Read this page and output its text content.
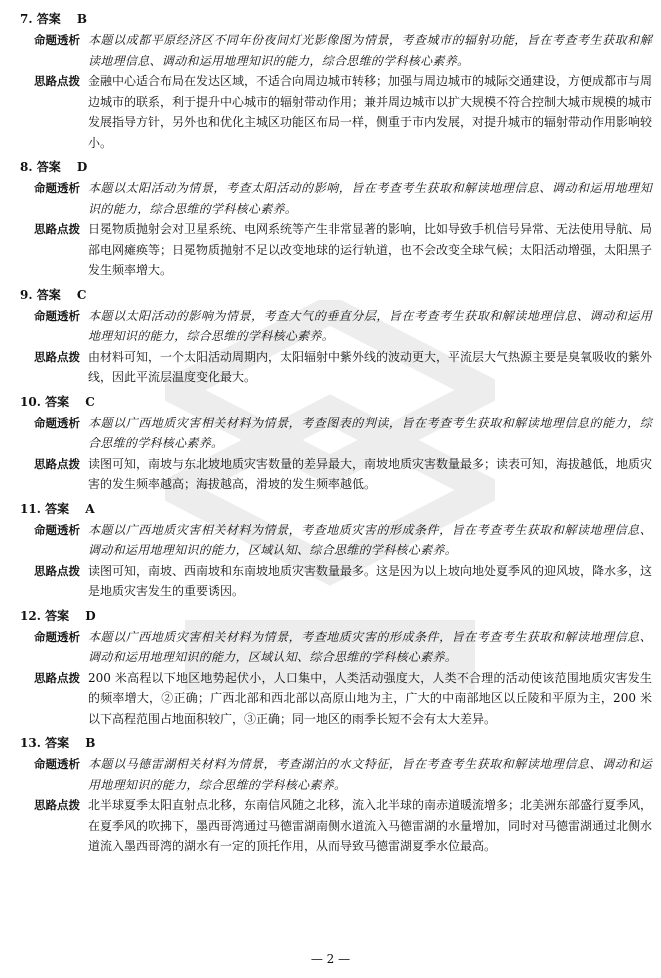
7. 答案 B
命题透析 本题以成都平原经济区不同年份夜间灯光影像图为情景，考查城市的辐射功能，旨在考查考生获取和解读地理信息、调动和运用地理知识的能力，综合思维的学科核心素养。
思路点拨 金融中心适合布局在发达区域，不适合向周边城市转移；加强与周边城市的城际交通建设，方便成都市与周边城市的联系，利于提升中心城市的辐射带动作用；兼并周边城市以扩大规模不符合控制大城市规模的城市发展指导方针，另外也和优化主城区功能区布局一样，侧重于市内发展，对提升城市的辐射带动作用影响较小。
8. 答案 D
命题透析 本题以太阳活动为情景，考查太阳活动的影响，旨在考查考生获取和解读地理信息、调动和运用地理知识的能力，综合思维的学科核心素养。
思路点拨 日冕物质抛射会对卫星系统、电网系统等产生非常显著的影响，比如导致手机信号异常、无法使用导航、局部电网瘫痪等；日冕物质抛射不足以改变地球的运行轨道，也不会改变全球气候；太阳活动增强，太阳黑子发生频率增大。
9. 答案 C
命题透析 本题以太阳活动的影响为情景，考查大气的垂直分层，旨在考查考生获取和解读地理信息、调动和运用地理知识的能力，综合思维的学科核心素养。
思路点拨 由材料可知，一个太阳活动周期内，太阳辐射中紫外线的波动更大，平流层大气热源主要是臭氧吸收的紫外线，因此平流层温度变化最大。
10. 答案 C
命题透析 本题以广西地质灾害相关材料为情景，考查图表的判读，旨在考查考生获取和解读地理信息的能力，综合思维的学科核心素养。
思路点拨 读图可知，南坡与东北坡地质灾害数量的差异最大，南坡地质灾害数量最多；读表可知，海拔越低，地质灾害的发生频率越高；海拔越高，滑坡的发生频率越低。
11. 答案 A
命题透析 本题以广西地质灾害相关材料为情景，考查地质灾害的形成条件，旨在考查考生获取和解读地理信息、调动和运用地理知识的能力，区域认知、综合思维的学科核心素养。
思路点拨 读图可知，南坡、西南坡和东南坡地质灾害数量最多。这是因为以上坡向地处夏季风的迎风坡，降水多，这是地质灾害发生的重要诱因。
12. 答案 D
命题透析 本题以广西地质灾害相关材料为情景，考查地质灾害的形成条件，旨在考查考生获取和解读地理信息、调动和运用地理知识的能力，区域认知、综合思维的学科核心素养。
思路点拨 200 米高程以下地区地势起伏小，人口集中，人类活动强度大，人类不合理的活动使该范围地质灾害发生的频率增大，②正确；广西北部和西北部以高原山地为主，广大的中南部地区以丘陵和平原为主，200 米以下高程范围占地面积较广，③正确；同一地区的雨季长短不会有太大差异。
13. 答案 B
命题透析 本题以马德雷湖相关材料为情景，考查湖泊的水文特征，旨在考查考生获取和解读地理信息、调动和运用地理知识的能力，综合思维的学科核心素养。
思路点拨 北半球夏季太阳直射点北移，东南信风随之北移，流入北半球的南赤道暖流增多；北美洲东部盛行夏季风，在夏季风的吹拂下，墨西哥湾通过马德雷湖南侧水道流入马德雷湖的水量增加，同时对马德雷湖通过北侧水道流入墨西哥湾的湖水有一定的顶托作用，从而导致马德雷湖夏季水位最高。
— 2 —
